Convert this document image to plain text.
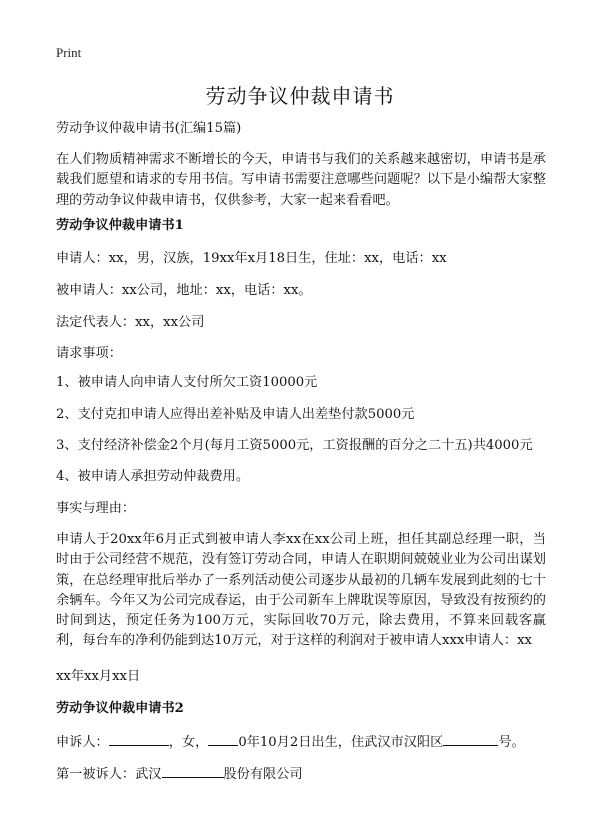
Print
劳动争议仲裁申请书
劳动争议仲裁申请书(汇编15篇)
在人们物质精神需求不断增长的今天，申请书与我们的关系越来越密切，申请书是承载我们愿望和请求的专用书信。写申请书需要注意哪些问题呢？以下是小编帮大家整理的劳动争议仲裁申请书，仅供参考，大家一起来看看吧。
劳动争议仲裁申请书1
申请人：xx，男，汉族，19xx年x月18日生，住址：xx，电话：xx
被申请人：xx公司，地址：xx，电话：xx。
法定代表人：xx，xx公司
请求事项：
1、被申请人向申请人支付所欠工资10000元
2、支付克扣申请人应得出差补贴及申请人出差垫付款5000元
3、支付经济补偿金2个月(每月工资5000元，工资报酬的百分之二十五)共4000元
4、被申请人承担劳动仲裁费用。
事实与理由：
申请人于20xx年6月正式到被申请人李xx在xx公司上班，担任其副总经理一职，当时由于公司经营不规范，没有签订劳动合同，申请人在职期间兢兢业业为公司出谋划策，在总经理审批后举办了一系列活动使公司逐步从最初的几辆车发展到此刻的七十余辆车。今年又为公司完成春运，由于公司新车上牌耽误等原因，导致没有按预约的时间到达，预定任务为100万元，实际回收70万元，除去费用，不算来回载客赢利，每台车的净利仍能到达10万元，对于这样的利润对于被申请人xxx申请人：xx
xx年xx月xx日
劳动争议仲裁申请书2
申诉人：	，女， 0年10月2日出生，住武汉市汉阳区	号。
第一被诉人：武汉	股份有限公司
